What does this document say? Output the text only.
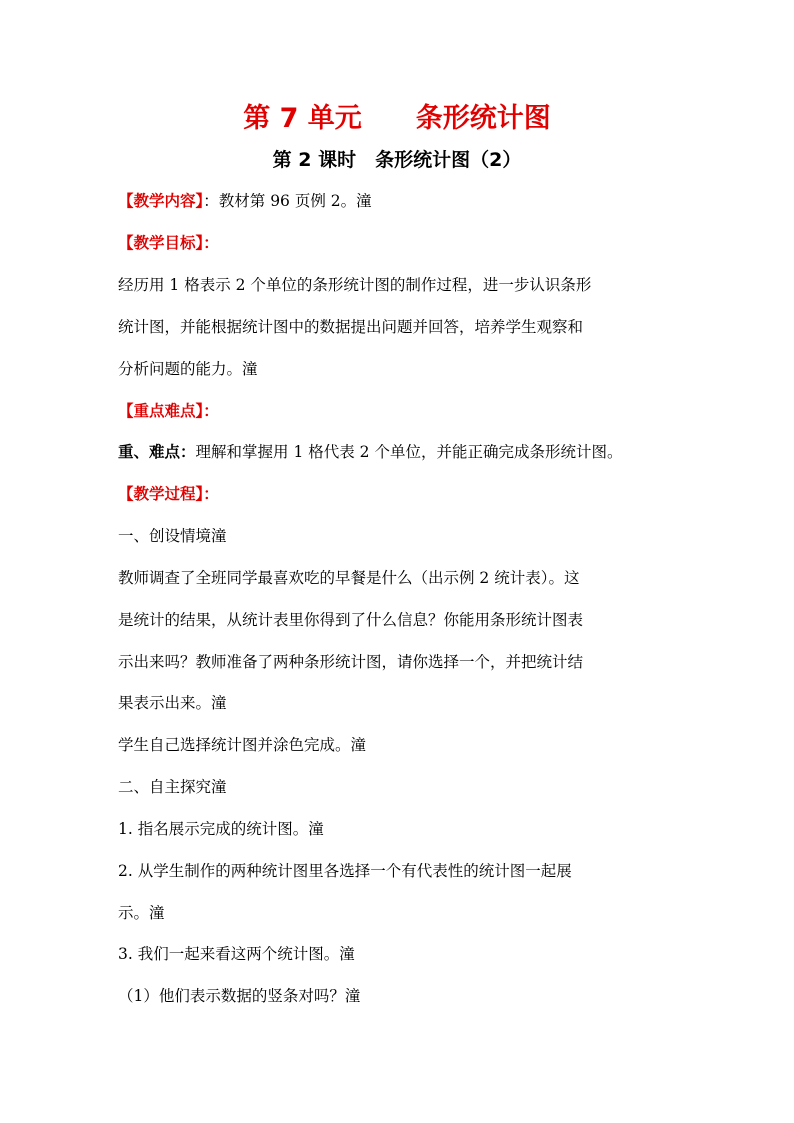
第 7 单元　　条形统计图
第 2 课时　条形统计图（2）
【教学内容】：教材第 96 页例 2。潼
【教学目标】：
经历用 1 格表示 2 个单位的条形统计图的制作过程，进一步认识条形
统计图，并能根据统计图中的数据提出问题并回答，培养学生观察和
分析问题的能力。潼
【重点难点】：
重、难点：理解和掌握用 1 格代表 2 个单位，并能正确完成条形统计图。
【教学过程】：
一、创设情境潼
教师调查了全班同学最喜欢吃的早餐是什么（出示例 2 统计表）。这
是统计的结果，从统计表里你得到了什么信息？你能用条形统计图表
示出来吗？教师准备了两种条形统计图，请你选择一个，并把统计结
果表示出来。潼
学生自己选择统计图并涂色完成。潼
二、自主探究潼
1. 指名展示完成的统计图。潼
2. 从学生制作的两种统计图里各选择一个有代表性的统计图一起展
示。潼
3. 我们一起来看这两个统计图。潼
（1）他们表示数据的竖条对吗？潼
